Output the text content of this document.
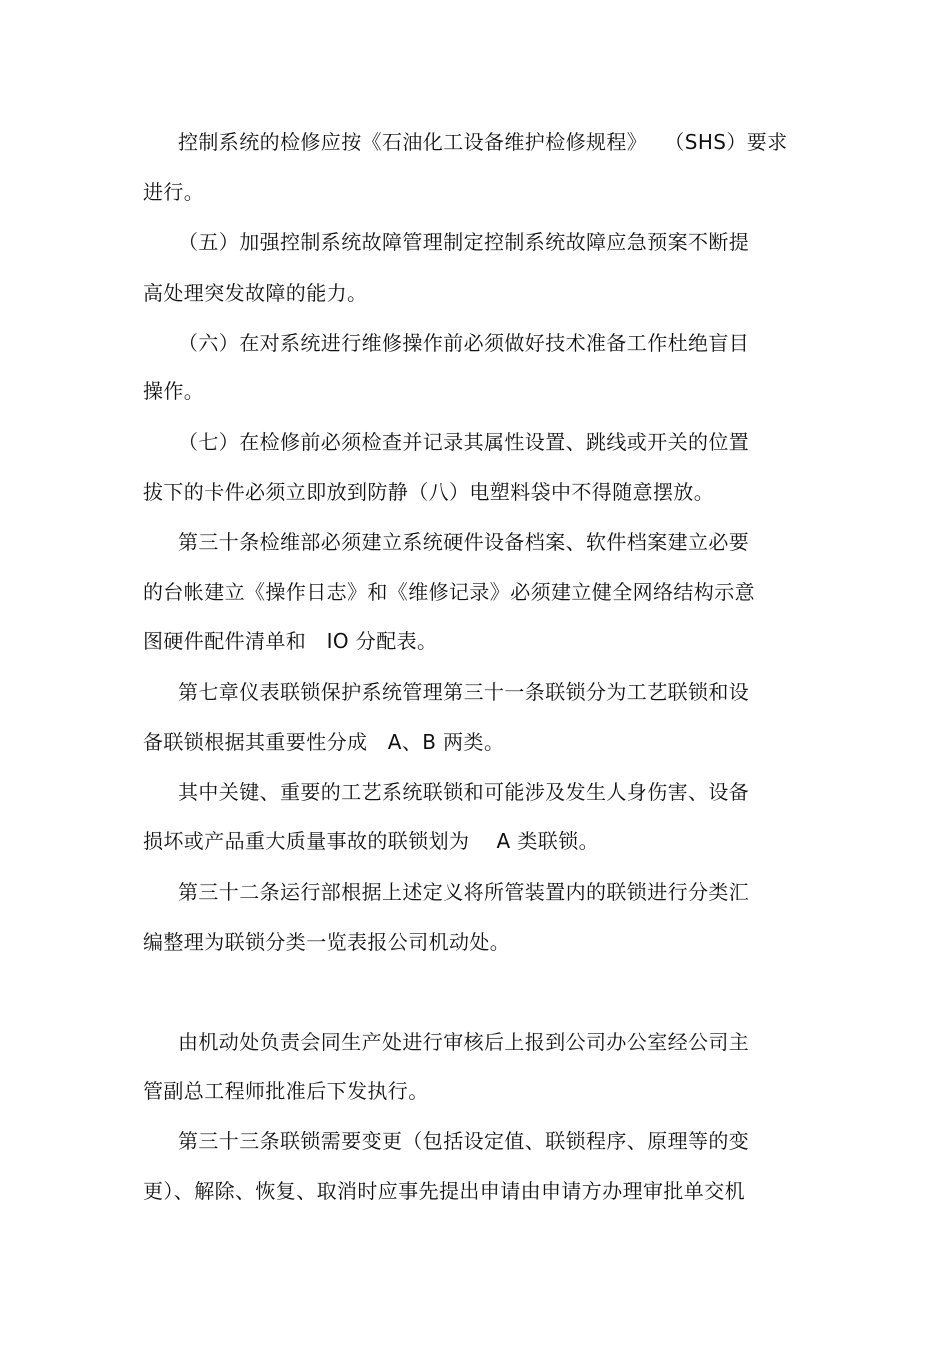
控制系统的检修应按《石油化工设备维护检修规程》　 （SHS）要求
进行。
（五）加强控制系统故障管理制定控制系统故障应急预案不断提
高处理突发故障的能力。
（六）在对系统进行维修操作前必须做好技术准备工作杜绝盲目
操作。
（七）在检修前必须检查并记录其属性设置、跳线或开关的位置
拔下的卡件必须立即放到防静（八）电塑料袋中不得随意摆放。
第三十条检维部必须建立系统硬件设备档案、软件档案建立必要
的台帐建立《操作日志》和《维修记录》必须建立健全网络结构示意
图硬件配件清单和　IO 分配表。
第七章仪表联锁保护系统管理第三十一条联锁分为工艺联锁和设
备联锁根据其重要性分成　A、B 两类。
其中关键、重要的工艺系统联锁和可能涉及发生人身伤害、设备
损坏或产品重大质量事故的联锁划为　 A 类联锁。
第三十二条运行部根据上述定义将所管装置内的联锁进行分类汇
编整理为联锁分类一览表报公司机动处。
由机动处负责会同生产处进行审核后上报到公司办公室经公司主
管副总工程师批准后下发执行。
第三十三条联锁需要变更（包括设定值、联锁程序、原理等的变
更）、解除、恢复、取消时应事先提出申请由申请方办理审批单交机
